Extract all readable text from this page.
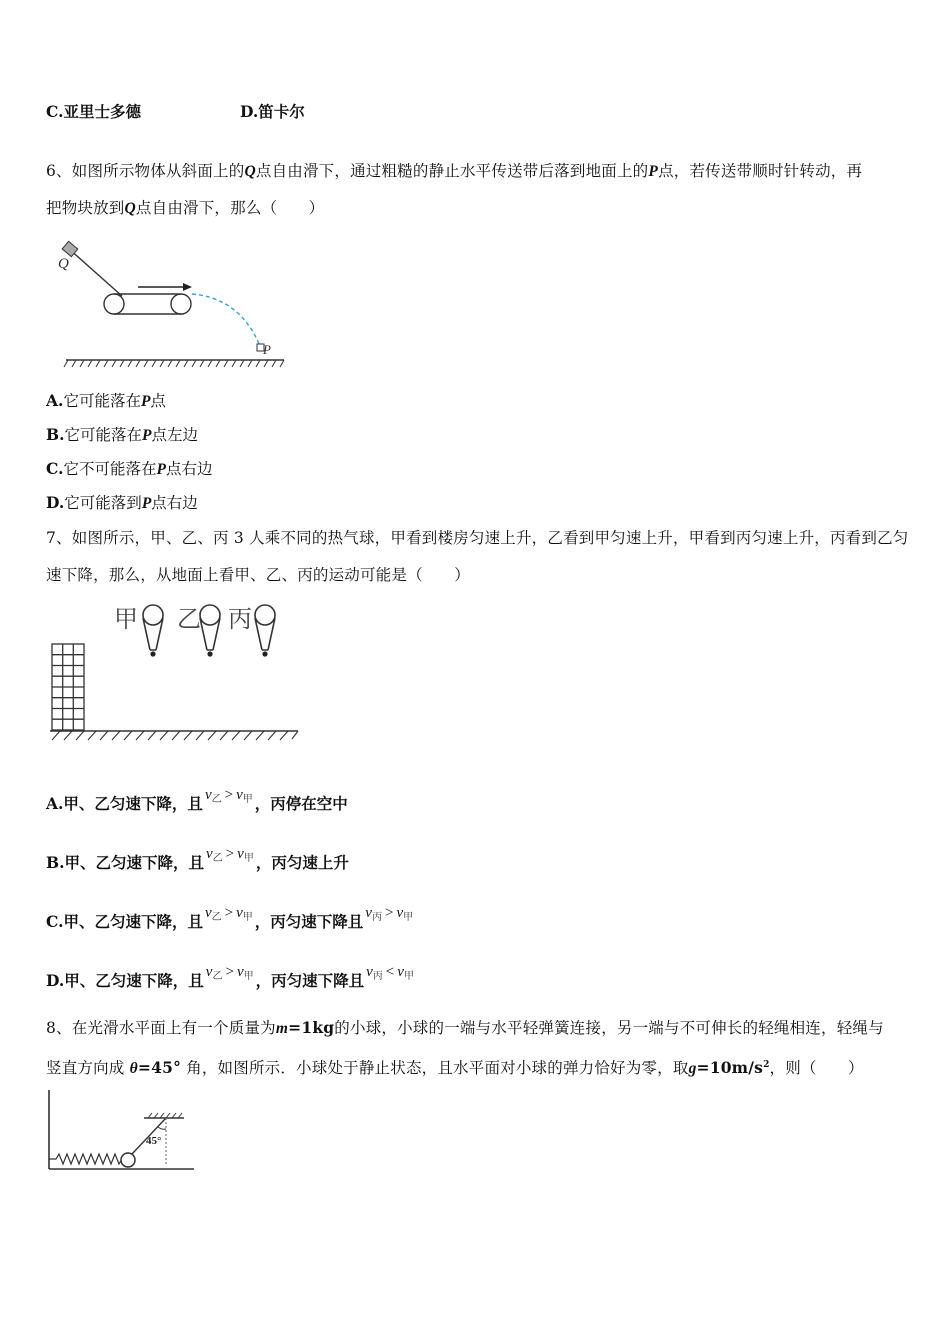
C.亚里士多德	D.笛卡尔
6、如图所示物体从斜面上的Q点自由滑下，通过粗糙的静止水平传送带后落到地面上的P点，若传送带顺时针转动，再
把物块放到Q点自由滑下，那么（　　）
Q
P
A.它可能落在P点
B.它可能落在P点左边
C.它不可能落在P点右边
D.它可能落到P点右边
7、如图所示，甲、乙、丙 3 人乘不同的热气球，甲看到楼房匀速上升，乙看到甲匀速上升，甲看到丙匀速上升，丙看到乙匀
速下降，那么，从地面上看甲、乙、丙的运动可能是（　　）
甲 乙 丙
A.甲、乙匀速下降，且 $v_乙 > v_甲$ ，丙停在空中
B.甲、乙匀速下降，且 $v_乙 > v_甲$ ，丙匀速上升
C.甲、乙匀速下降，且 $v_乙 > v_甲$ ，丙匀速下降且 $v_丙 > v_甲$
D.甲、乙匀速下降，且 $v_乙 > v_甲$ ，丙匀速下降且 $v_丙 < v_甲$
8、在光滑水平面上有一个质量为m=1kg的小球，小球的一端与水平轻弹簧连接，另一端与不可伸长的轻绳相连，轻绳与
竖直方向成 θ=45° 角，如图所示．小球处于静止状态，且水平面对小球的弹力恰好为零，取$g=10m/s^2$，则（　　）
45°
